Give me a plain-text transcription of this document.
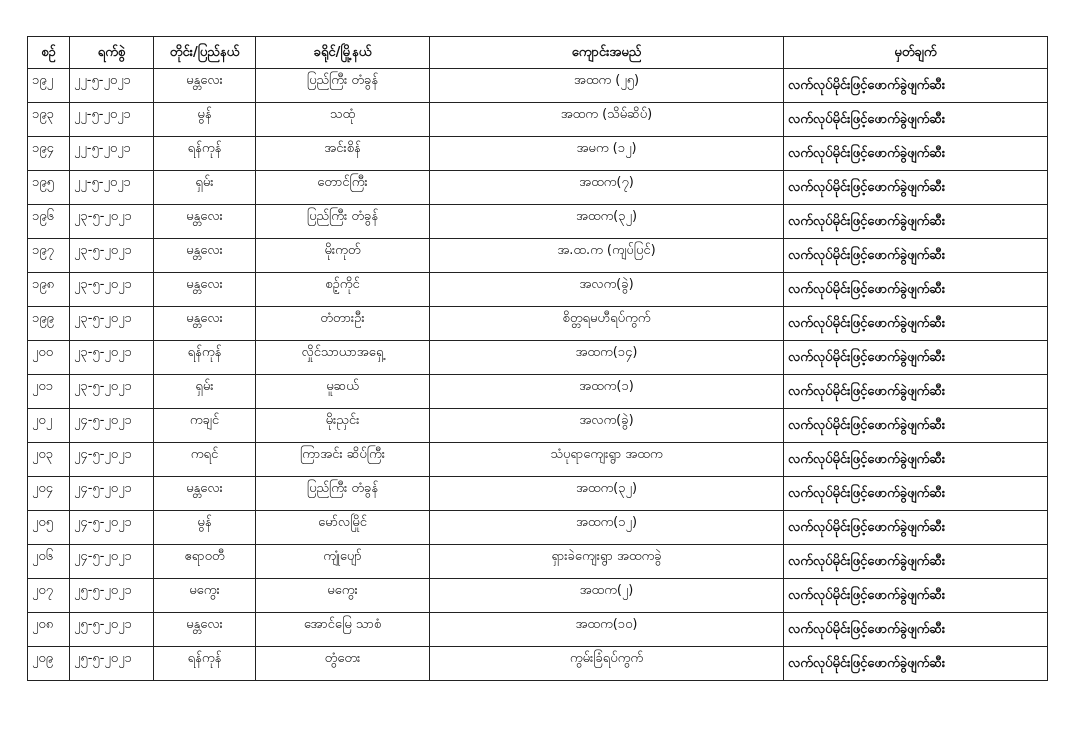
စဥ်	ရက်စွဲ	တိုင်း/ပြည်နယ်	ခရိုင်/မြို့နယ်	ကျောင်းအမည်	မှတ်ချက်
၁၉၂	၂၂-၅-၂၀၂၁	မန္တလေး	ပြည်ကြီး တံခွန်	အထက (၂၅)	လက်လုပ်မိုင်းဖြင့်ဖောက်ခွဲဖျက်ဆီး
၁၉၃	၂၂-၅-၂၀၂၁	မွန်	သထုံ	အထက (သိမ်ဆိပ်)	လက်လုပ်မိုင်းဖြင့်ဖောက်ခွဲဖျက်ဆီး
၁၉၄	၂၂-၅-၂၀၂၁	ရန်ကုန်	အင်းစိန်	အမက (၁၂)	လက်လုပ်မိုင်းဖြင့်ဖောက်ခွဲဖျက်ဆီး
၁၉၅	၂၂-၅-၂၀၂၁	ရှမ်း	တောင်ကြီး	အထက(၇)	လက်လုပ်မိုင်းဖြင့်ဖောက်ခွဲဖျက်ဆီး
၁၉၆	၂၃-၅-၂၀၂၁	မန္တလေး	ပြည်ကြီး တံခွန်	အထက(၃၂)	လက်လုပ်မိုင်းဖြင့်ဖောက်ခွဲဖျက်ဆီး
၁၉၇	၂၃-၅-၂၀၂၁	မန္တလေး	မိုးကုတ်	အ.ထ.က (ကျပ်ပြင်)	လက်လုပ်မိုင်းဖြင့်ဖောက်ခွဲဖျက်ဆီး
၁၉၈	၂၃-၅-၂၀၂၁	မန္တလေး	စဉ့်ကိုင်	အလက(ခွဲ)	လက်လုပ်မိုင်းဖြင့်ဖောက်ခွဲဖျက်ဆီး
၁၉၉	၂၃-၅-၂၀၂၁	မန္တလေး	တံတားဦး	စိတ္တရမဟီရပ်ကွက်	လက်လုပ်မိုင်းဖြင့်ဖောက်ခွဲဖျက်ဆီး
၂၀၀	၂၃-၅-၂၀၂၁	ရန်ကုန်	လှိုင်သာယာအရှေ့	အထက(၁၄)	လက်လုပ်မိုင်းဖြင့်ဖောက်ခွဲဖျက်ဆီး
၂၀၁	၂၃-၅-၂၀၂၁	ရှမ်း	မူဆယ်	အထက(၁)	လက်လုပ်မိုင်းဖြင့်ဖောက်ခွဲဖျက်ဆီး
၂၀၂	၂၄-၅-၂၀၂၁	ကချင်	မိုးညှင်း	အလက(ခွဲ)	လက်လုပ်မိုင်းဖြင့်ဖောက်ခွဲဖျက်ဆီး
၂၀၃	၂၄-၅-၂၀၂၁	ကရင်	ကြာအင်း ဆိပ်ကြီး	သံပုရာကျေးရွာ အထက	လက်လုပ်မိုင်းဖြင့်ဖောက်ခွဲဖျက်ဆီး
၂၀၄	၂၄-၅-၂၀၂၁	မန္တလေး	ပြည်ကြီး တံခွန်	အထက(၃၂)	လက်လုပ်မိုင်းဖြင့်ဖောက်ခွဲဖျက်ဆီး
၂၀၅	၂၄-၅-၂၀၂၁	မွန်	မော်လမြိုင်	အထက(၁၂)	လက်လုပ်မိုင်းဖြင့်ဖောက်ခွဲဖျက်ဆီး
၂၀၆	၂၄-၅-၂၀၂၁	ဧရာဝတီ	ကျုံပျော်	ရှားခဲကျေးရွာ အထကခွဲ	လက်လုပ်မိုင်းဖြင့်ဖောက်ခွဲဖျက်ဆီး
၂၀၇	၂၅-၅-၂၀၂၁	မကွေး	မကွေး	အထက(၂)	လက်လုပ်မိုင်းဖြင့်ဖောက်ခွဲဖျက်ဆီး
၂၀၈	၂၅-၅-၂၀၂၁	မန္တလေး	အောင်မြေ သာစံ	အထက(၁၀)	လက်လုပ်မိုင်းဖြင့်ဖောက်ခွဲဖျက်ဆီး
၂၀၉	၂၅-၅-၂၀၂၁	ရန်ကုန်	တွံတေး	ကွမ်းခြံရပ်ကွက်	လက်လုပ်မိုင်းဖြင့်ဖောက်ခွဲဖျက်ဆီး
